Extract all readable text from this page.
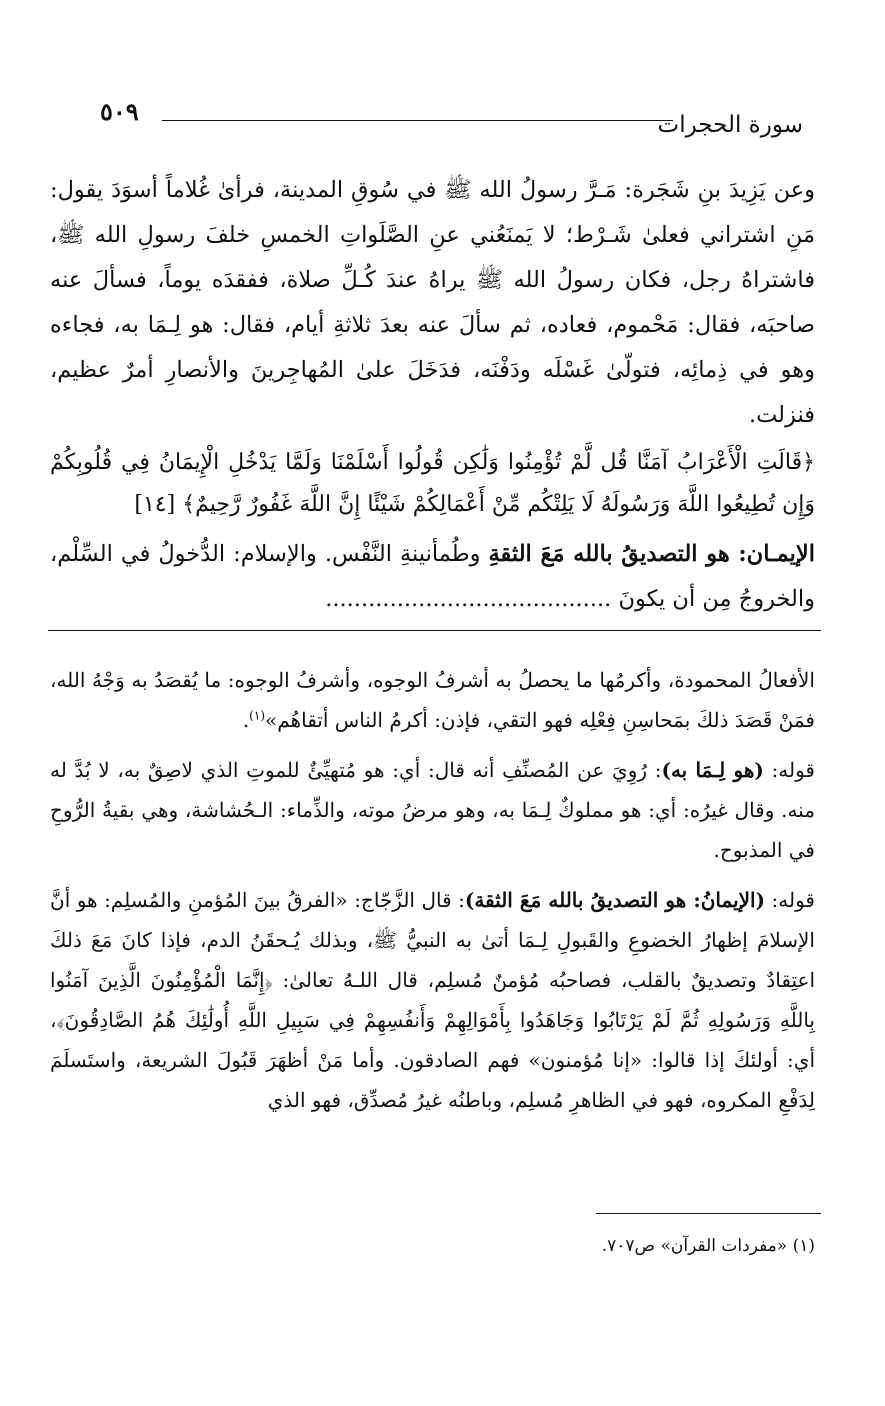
٥٠٩	سورة الحجرات

وعن يَزِيدَ بنِ شَجَرة: مَـرَّ رسولُ الله ﷺ في سُوقِ المدينة، فرأىٰ غُلاماً أسوَدَ يقول: مَنِ اشتراني فعلىٰ شَـرْط؛ لا يَمنَعُني عنِ الصَّلَواتِ الخمسِ خلفَ رسولِ الله ﷺ، فاشتراهُ رجل، فكان رسولُ الله ﷺ يراهُ عندَ كُـلِّ صلاة، ففقدَه يوماً، فسألَ عنه صاحبَه، فقال: مَحْموم، فعاده، ثم سألَ عنه بعدَ ثلاثةِ أيام، فقال: هو لِـمَا به، فجاءه وهو في ذِمائِه، فتولّىٰ غَسْلَه ودَفْنَه، فدَخَلَ علىٰ المُهاجِرينَ والأنصارِ أمرٌ عظيم، فنزلت.

﴿قَالَتِ الْأَعْرَابُ آمَنَّا قُل لَّمْ تُؤْمِنُوا وَلَٰكِن قُولُوا أَسْلَمْنَا وَلَمَّا يَدْخُلِ الْإِيمَانُ فِي قُلُوبِكُمْ وَإِن تُطِيعُوا اللَّهَ وَرَسُولَهُ لَا يَلِتْكُم مِّنْ أَعْمَالِكُمْ شَيْئًا إِنَّ اللَّهَ غَفُورٌ رَّحِيمٌ﴾ [١٤]

الإيمـان: هو التصديقُ بالله مَعَ الثقةِ وطُمأنينةِ النَّفْس. والإسلام: الدُّخولُ في السِّلْم، والخروجُ مِن أن يكونَ ........................................

الأفعالُ المحمودة، وأكرمُها ما يحصلُ به أشرفُ الوجوه، وأشرفُ الوجوه: ما يُقصَدُ به وَجْهُ الله، فمَنْ قَصَدَ ذلكَ بمَحاسِنِ فِعْلِه فهو التقي، فإذن: أكرمُ الناس أتقاهُم»$^{(١)}$.

قوله: (هو لِـمَا به): رُوِيَ عن المُصنِّفِ أنه قال: أي: هو مُتهيِّئٌ للموتِ الذي لاصِقٌ به، لا بُدَّ له منه. وقال غيرُه: أي: هو مملوكٌ لِـمَا به، وهو مرضُ موته، والذِّماء: الـحُشاشة، وهي بقيةُ الرُّوحِ في المذبوح.

قوله: (الإيمانُ: هو التصديقُ بالله مَعَ الثقة): قال الزَّجّاج: «الفرقُ بينَ المُؤمنِ والمُسلِم: هو أنَّ الإسلامَ إظهارُ الخضوعِ والقَبولِ لِـمَا أتىٰ به النبيُّ ﷺ، وبذلك يُـحقَنُ الدم، فإذا كانَ مَعَ ذلكَ اعتِقادٌ وتصديقٌ بالقلب، فصاحبُه مُؤمنٌ مُسلِم، قال اللـهُ تعالىٰ: ﴿إِنَّمَا الْمُؤْمِنُونَ الَّذِينَ آمَنُوا بِاللَّهِ وَرَسُولِهِ ثُمَّ لَمْ يَرْتَابُوا وَجَاهَدُوا بِأَمْوَالِهِمْ وَأَنفُسِهِمْ فِي سَبِيلِ اللَّهِ أُولَٰئِكَ هُمُ الصَّادِقُونَ﴾، أي: أولئكَ إذا قالوا: «إنا مُؤمنون» فهم الصادقون. وأما مَنْ أظهَرَ قَبُولَ الشريعة، واستَسلَمَ لِدَفْعِ المكروه، فهو في الظاهرِ مُسلِم، وباطنُه غيرُ مُصدِّق، فهو الذي

(١) «مفردات القرآن» ص٧٠٧.
